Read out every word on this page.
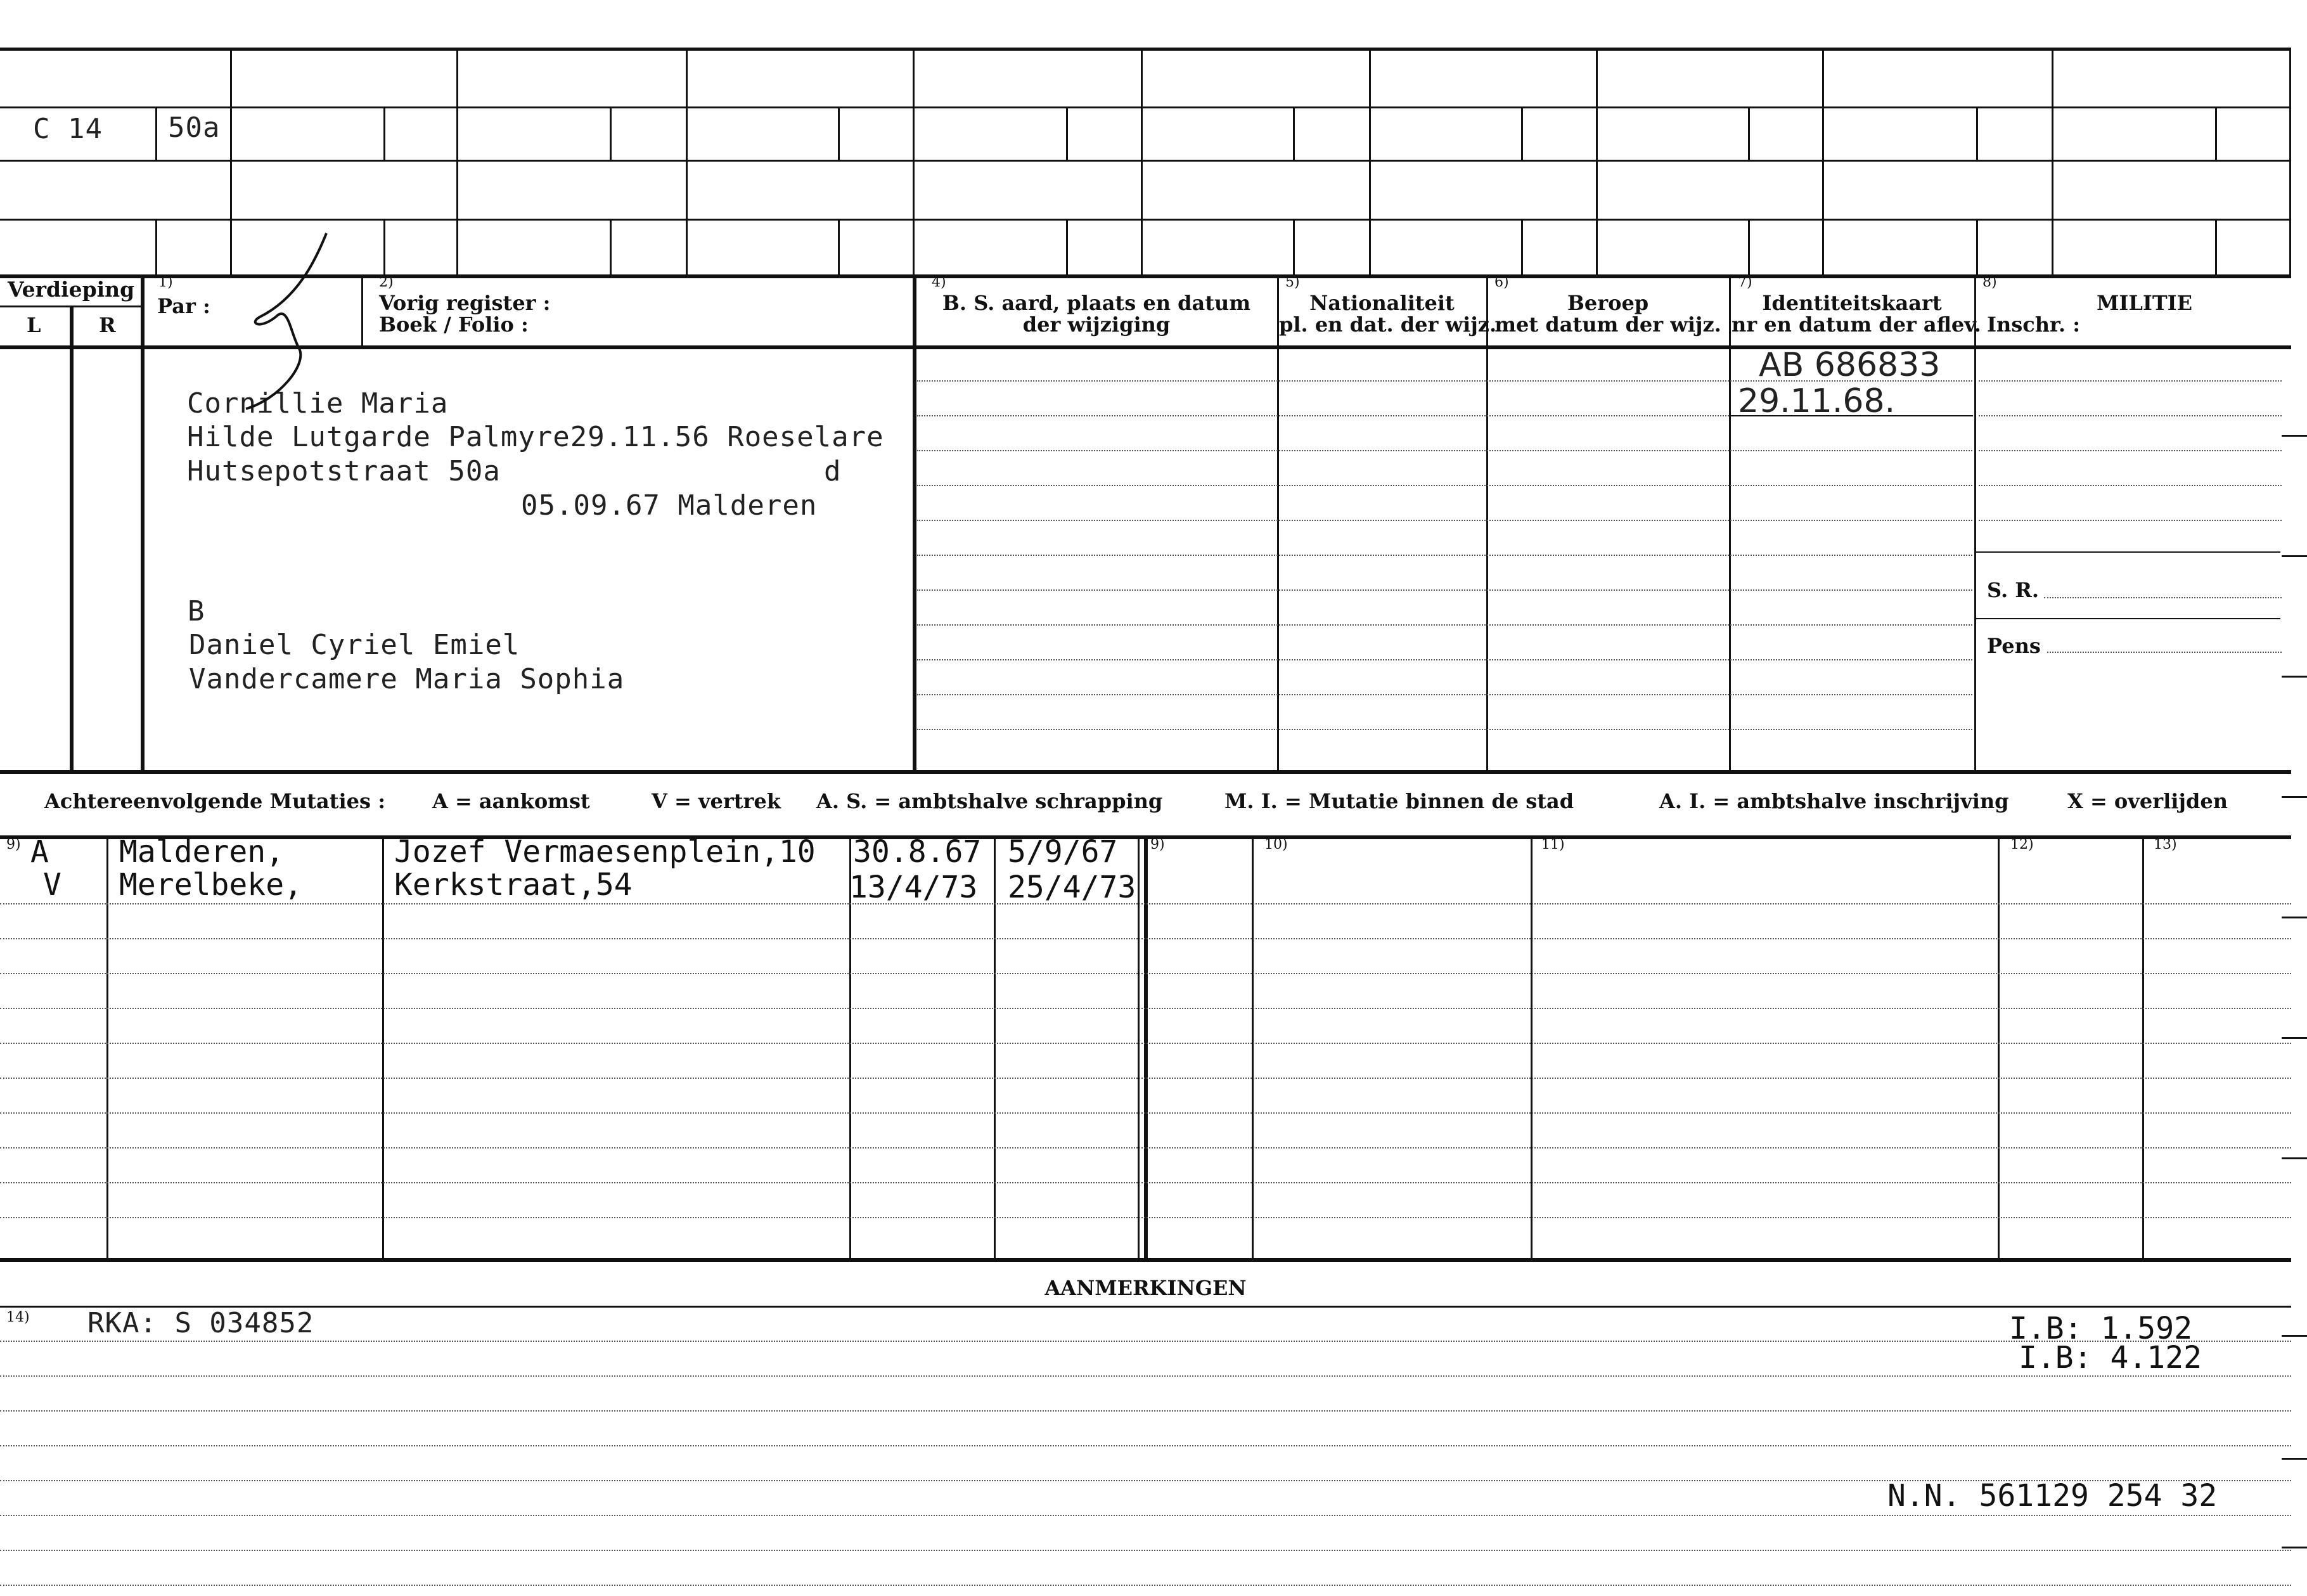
C 14 50a
Verdieping
L	R
1)
Par :
2)
Vorig register :
Boek / Folio :
4)
B. S. aard, plaats en datum
der wijziging
5)
Nationaliteit
pl. en dat. der wijz.
6)
Beroep
met datum der wijz.
7)
Identiteitskaart
nr en datum der aflev.
8)
MILITIE
Inschr. :
S. R.
Pens
Cornillie Maria
Hilde Lutgarde Palmyre29.11.56 Roeselare
Hutsepotstraat 50a	d
05.09.67 Malderen
B
Daniel Cyriel Emiel
Vandercamere Maria Sophia
AB 686833
29.11.68.
Achtereenvolgende Mutaties : A = aankomst	V = vertrek A. S. = ambtshalve schrapping	M. I. = Mutatie binnen de stad	A. I. = ambtshalve inschrijving	X = overlijden
9)	9)	10)	11)	12)	13)
A Malderen,	Jozef Vermaesenplein,10 30.8.67 5/9/67
V Merelbeke,	Kerkstraat,54	13/4/73 25/4/73
AANMERKINGEN
14) RKA: S 034852	I.B: 1.592
I.B: 4.122
N.N. 561129 254 32
